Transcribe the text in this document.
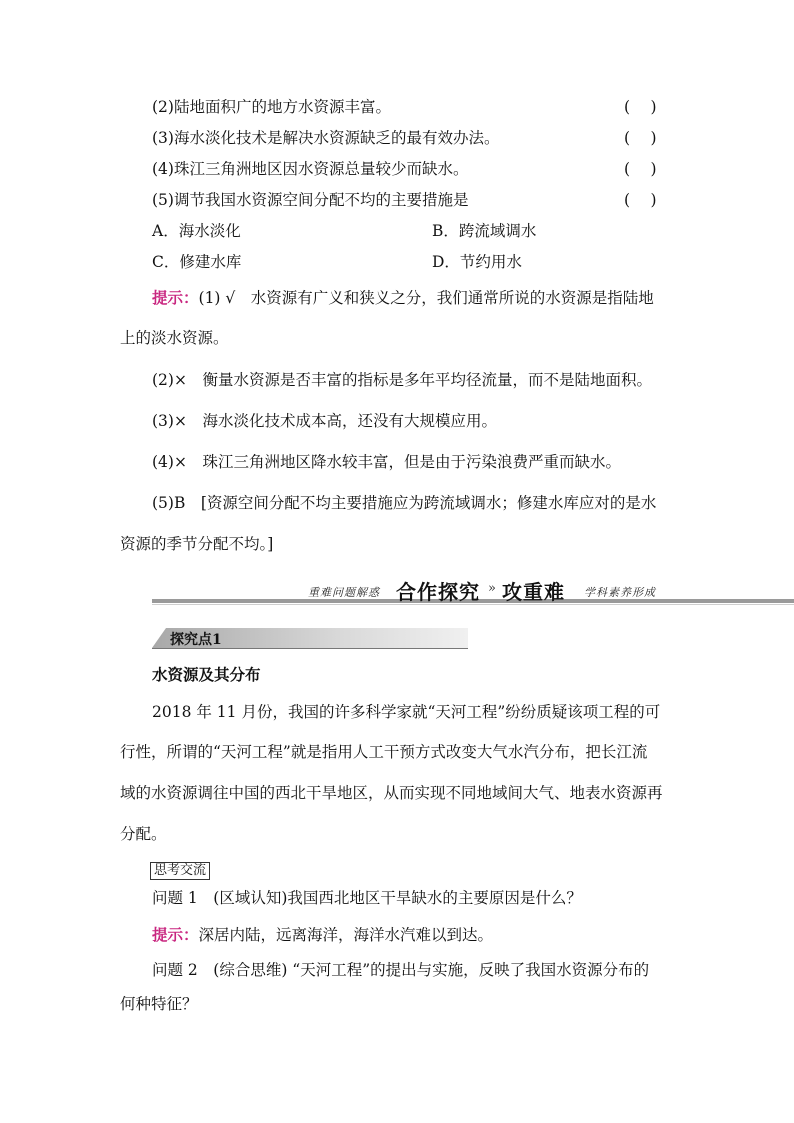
(2)陆地面积广的地方水资源丰富。	(　 )
(3)海水淡化技术是解决水资源缺乏的最有效办法。	(　 )
(4)珠江三角洲地区因水资源总量较少而缺水。	(　 )
(5)调节我国水资源空间分配不均的主要措施是	(　 )
A．海水淡化	B．跨流域调水
C．修建水库	D．节约用水
提示：(1) √　水资源有广义和狭义之分，我们通常所说的水资源是指陆地
上的淡水资源。
(2)×　衡量水资源是否丰富的指标是多年平均径流量，而不是陆地面积。
(3)×　海水淡化技术成本高，还没有大规模应用。
(4)×　珠江三角洲地区降水较丰富，但是由于污染浪费严重而缺水。
(5)B　[资源空间分配不均主要措施应为跨流域调水；修建水库应对的是水
资源的季节分配不均。]
重难问题解惑 合作探究 » 攻重难 学科素养形成
探究点1
水资源及其分布
2018 年 11 月份，我国的许多科学家就“天河工程”纷纷质疑该项工程的可
行性，所谓的“天河工程”就是指用人工干预方式改变大气水汽分布，把长江流
域的水资源调往中国的西北干旱地区，从而实现不同地域间大气、地表水资源再
分配。
思考交流
问题 1　(区域认知)我国西北地区干旱缺水的主要原因是什么？
提示：深居内陆，远离海洋，海洋水汽难以到达。
问题 2　(综合思维) “天河工程”的提出与实施，反映了我国水资源分布的
何种特征？
